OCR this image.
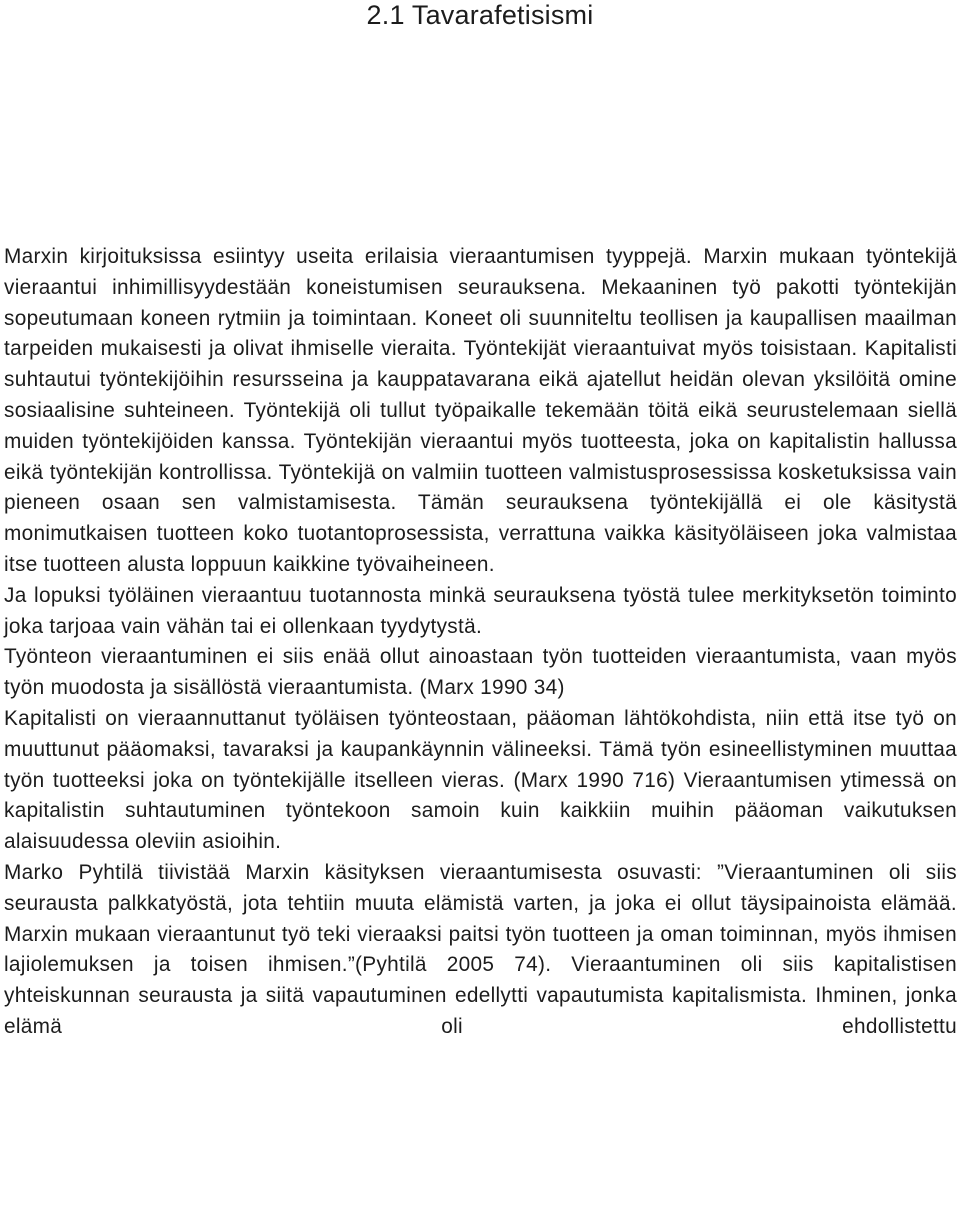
2.1 Tavarafetisismi

Marxin kirjoituksissa esiintyy useita erilaisia vieraantumisen tyyppejä. Marxin mukaan työntekijä vieraantui inhimillisyydestään koneistumisen seurauksena. Mekaaninen työ pakotti työntekijän sopeutumaan koneen rytmiin ja toimintaan. Koneet oli suunniteltu teollisen ja kaupallisen maailman tarpeiden mukaisesti ja olivat ihmiselle vieraita. Työntekijät vieraantuivat myös toisistaan. Kapitalisti suhtautui työntekijöihin resursseina ja kauppatavarana eikä ajatellut heidän olevan yksilöitä omine sosiaalisine suhteineen. Työntekijä oli tullut työpaikalle tekemään töitä eikä seurustelemaan siellä muiden työntekijöiden kanssa. Työntekijän vieraantui myös tuotteesta, joka on kapitalistin hallussa eikä työntekijän kontrollissa. Työntekijä on valmiin tuotteen valmistusprosessissa kosketuksissa vain pieneen osaan sen valmistamisesta. Tämän seurauksena työntekijällä ei ole käsitystä monimutkaisen tuotteen koko tuotantoprosessista, verrattuna vaikka käsityöläiseen joka valmistaa itse tuotteen alusta loppuun kaikkine työvaiheineen.

Ja lopuksi työläinen vieraantuu tuotannosta minkä seurauksena työstä tulee merkityksetön toiminto joka tarjoaa vain vähän tai ei ollenkaan tyydytystä.

Työnteon vieraantuminen ei siis enää ollut ainoastaan työn tuotteiden vieraantumista, vaan myös työn muodosta ja sisällöstä vieraantumista. (Marx 1990 34)

Kapitalisti on vieraannuttanut työläisen työnteostaan, pääoman lähtökohdista, niin että itse työ on muuttunut pääomaksi, tavaraksi ja kaupankäynnin välineeksi. Tämä työn esineellistyminen muuttaa työn tuotteeksi joka on työntekijälle itselleen vieras. (Marx 1990 716) Vieraantumisen ytimessä on kapitalistin suhtautuminen työntekoon samoin kuin kaikkiin muihin pääoman vaikutuksen alaisuudessa oleviin asioihin.

Marko Pyhtilä tiivistää Marxin käsityksen vieraantumisesta osuvasti: ”Vieraantuminen oli siis seurausta palkkatyöstä, jota tehtiin muuta elämistä varten, ja joka ei ollut täysipainoista elämää. Marxin mukaan vieraantunut työ teki vieraaksi paitsi työn tuotteen ja oman toiminnan, myös ihmisen lajiolemuksen ja toisen ihmisen.”(Pyhtilä 2005 74). Vieraantuminen oli siis kapitalistisen yhteiskunnan seurausta ja siitä vapautuminen edellytti vapautumista kapitalismista. Ihminen, jonka elämä oli ehdollistettu
